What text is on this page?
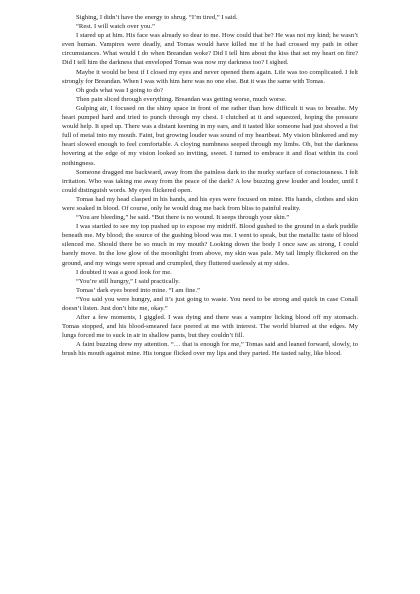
Sighing, I didn’t have the energy to shrug. “I’m tired,” I said.

“Rest. I will watch over you.”

I stared up at him. His face was already so dear to me. How could that be? He was not my kind; he wasn’t even human. Vampires were deadly, and Tomas would have killed me if he had crossed my path in other circumstances. What would I do when Breandan woke? Did I tell him about the kiss that set my heart on fire? Did I tell him the darkness that enveloped Tomas was now my darkness too? I sighed.

Maybe it would be best if I closed my eyes and never opened them again. Life was too complicated. I felt strongly for Breandan. When I was with him here was no one else. But it was the same with Tomas.

Oh gods what was I going to do?

Then pain sliced through everything. Breandan was getting worse, much worse.

Gulping air, I focused on the shiny space in front of me rather than how difficult it was to breathe. My heart pumped hard and tried to punch through my chest. I clutched at it and squeezed, hoping the pressure would help. It sped up. There was a distant keening in my ears, and it tasted like someone had just shoved a fist full of metal into my mouth. Faint, but growing louder was sound of my heartbeat. My vision blinkered and my heart slowed enough to feel comfortable. A cloying numbness seeped through my limbs. Oh, but the darkness hovering at the edge of my vision looked so inviting, sweet. I turned to embrace it and float within its cool nothingness.

Someone dragged me backward, away from the painless dark to the murky surface of consciousness. I felt irritation. Who was taking me away from the peace of the dark? A low buzzing grew louder and louder, until I could distinguish words. My eyes flickered open.

Tomas had my head clasped in his hands, and his eyes were focused on mine. His hands, clothes and skin were soaked in blood. Of course, only he would drag me back from bliss to painful reality.

“You are bleeding,” he said. “But there is no wound. It seeps through your skin.”

I was startled to see my top pushed up to expose my midriff. Blood gushed to the ground in a dark puddle beneath me. My blood; the source of the gushing blood was me. I went to speak, but the metallic taste of blood silenced me. Should there be so much in my mouth? Looking down the body I once saw as strong, I could barely move. In the low glow of the moonlight from above, my skin was pale. My tail limply flickered on the ground, and my wings were spread and crumpled, they fluttered uselessly at my sides.

I doubted it was a good look for me.

“You’re still hungry,” I said practically.

Tomas’ dark eyes bored into mine. “I am fine.”

“You said you were hungry, and it’s just going to waste. You need to be strong and quick in case Conall doesn’t listen. Just don’t bite me, okay.”

After a few moments, I giggled. I was dying and there was a vampire licking blood off my stomach. Tomas stopped, and his blood-smeared face peered at me with interest. The world blurred at the edges. My lungs forced me to suck in air in shallow pants, but they couldn’t fill.

A faint buzzing drew my attention. “… that is enough for me,” Tomas said and leaned forward, slowly, to brush his mouth against mine. His tongue flicked over my lips and they parted. He tasted salty, like blood.
